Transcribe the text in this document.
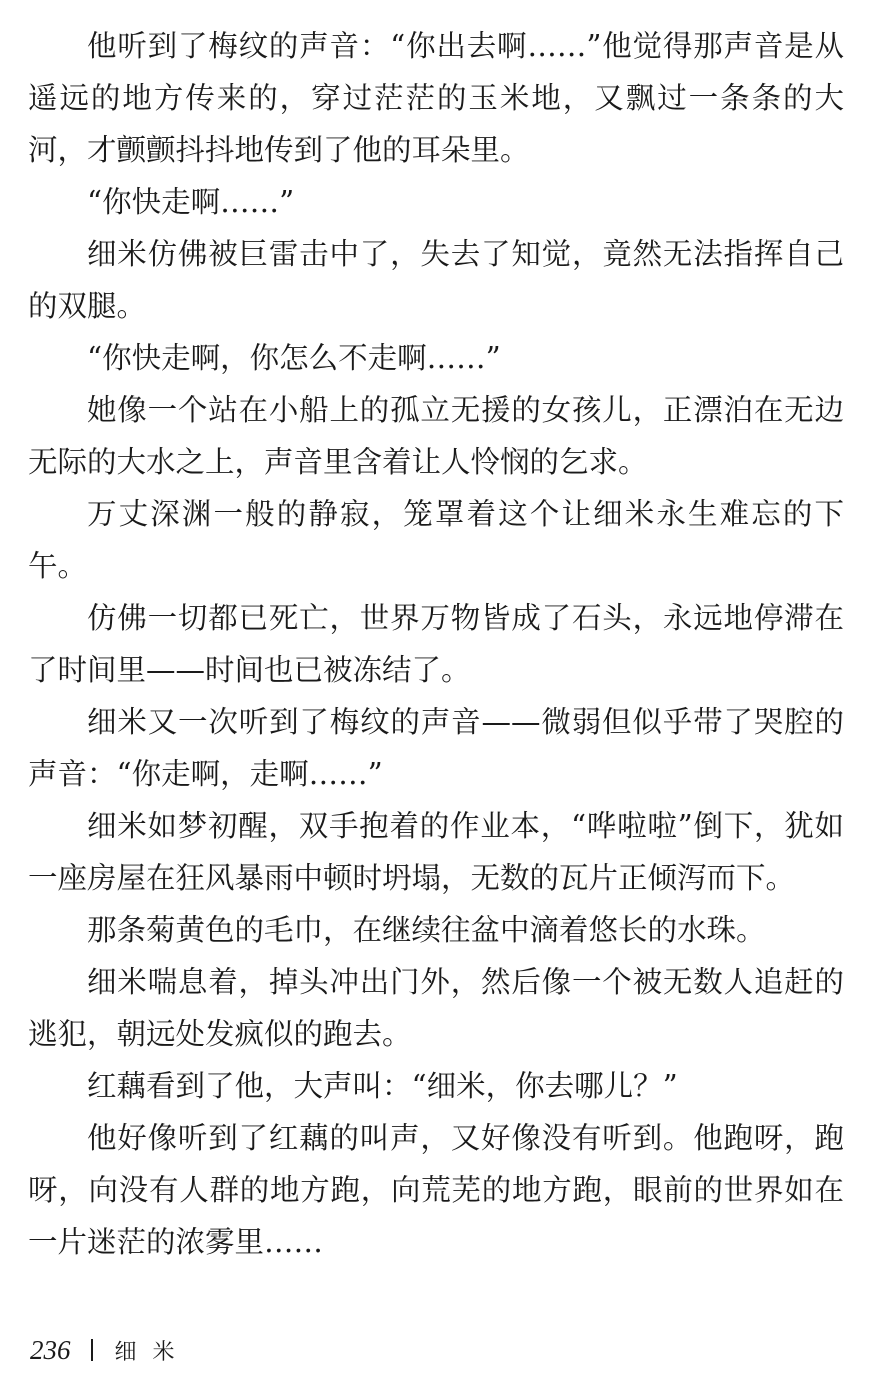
他听到了梅纹的声音：“你出去啊……”他觉得那声音是从遥远的地方传来的，穿过茫茫的玉米地，又飘过一条条的大河，才颤颤抖抖地传到了他的耳朵里。

“你快走啊……”

细米仿佛被巨雷击中了，失去了知觉，竟然无法指挥自己的双腿。

“你快走啊，你怎么不走啊……”

她像一个站在小船上的孤立无援的女孩儿，正漂泊在无边无际的大水之上，声音里含着让人怜悯的乞求。

万丈深渊一般的静寂，笼罩着这个让细米永生难忘的下午。

仿佛一切都已死亡，世界万物皆成了石头，永远地停滞在了时间里——时间也已被冻结了。

细米又一次听到了梅纹的声音——微弱但似乎带了哭腔的声音：“你走啊，走啊……”

细米如梦初醒，双手抱着的作业本，“哗啦啦”倒下，犹如一座房屋在狂风暴雨中顿时坍塌，无数的瓦片正倾泻而下。

那条菊黄色的毛巾，在继续往盆中滴着悠长的水珠。

细米喘息着，掉头冲出门外，然后像一个被无数人追赶的逃犯，朝远处发疯似的跑去。

红藕看到了他，大声叫：“细米，你去哪儿？”

他好像听到了红藕的叫声，又好像没有听到。他跑呀，跑呀，向没有人群的地方跑，向荒芜的地方跑，眼前的世界如在一片迷茫的浓雾里……

236 细米
